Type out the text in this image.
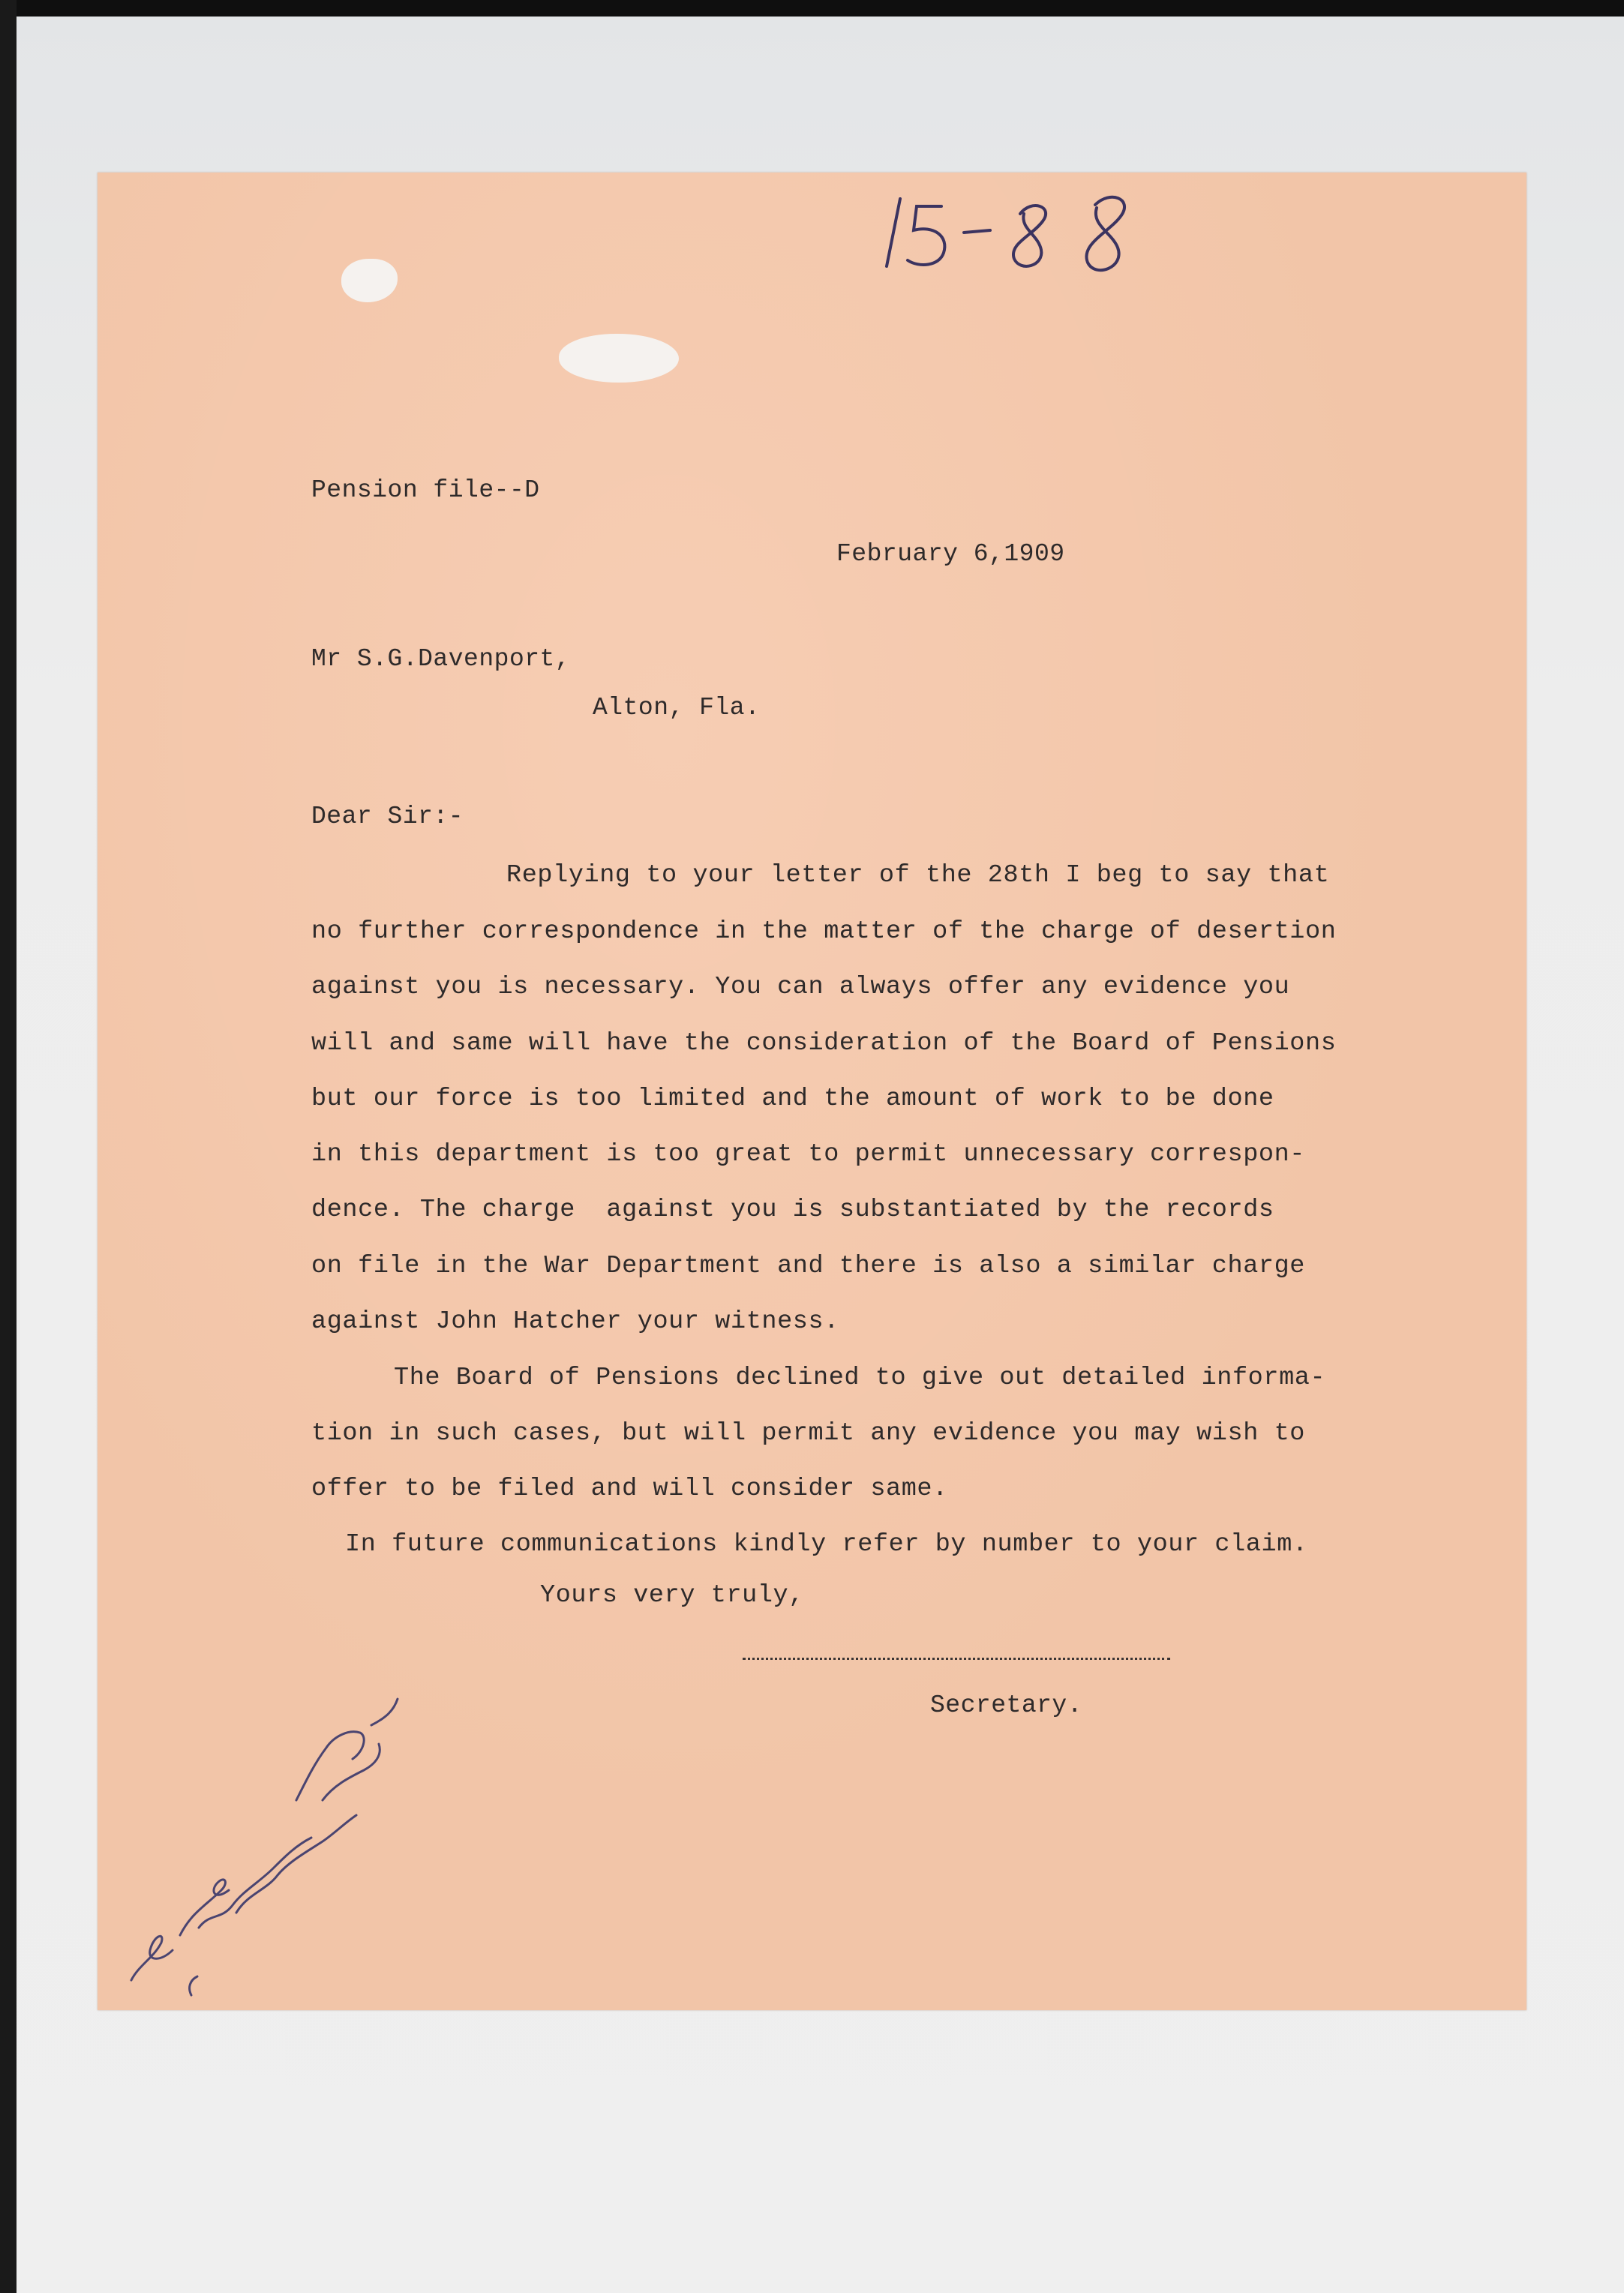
15-88

Pension file--D

February 6,1909

Mr S.G.Davenport,

Alton, Fla.

Dear Sir:-

Replying to your letter of the 28th I beg to say that

no further correspondence in the matter of the charge of desertion

against you is necessary. You can always offer any evidence you

will and same will have the consideration of the Board of Pensions

but our force is too limited and the amount of work to be done

in this department is too great to permit unnecessary correspon-

dence. The charge  against you is substantiated by the records

on file in the War Department and there is also a similar charge

against John Hatcher your witness.

The Board of Pensions declined to give out detailed informa-

tion in such cases, but will permit any evidence you may wish to

offer to be filed and will consider same.

In future communications kindly refer by number to your claim.

Yours very truly,

Secretary.

letter from ... Hood
